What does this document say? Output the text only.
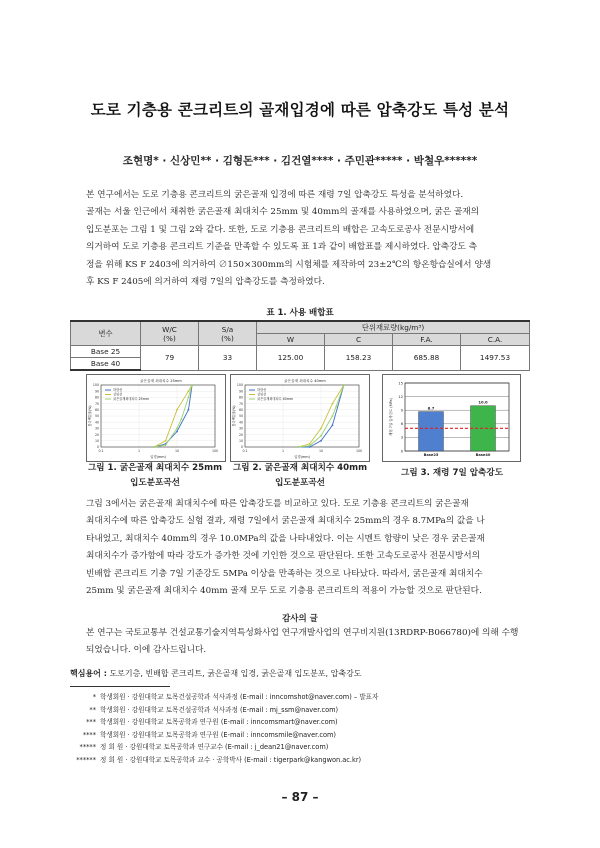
도로 기층용 콘크리트의 골재입경에 따른 압축강도 특성 분석
조현명* · 신상민** · 김형돈*** · 김건열**** · 주민관***** · 박철우******

본 연구에서는 도로 기층용 콘크리트의 굵은골재 입경에 따른 재령 7일 압축강도 특성을 분석하였다.
골재는 서울 인근에서 채취한 굵은골재 최대치수 25mm 및 40mm의 골재를 사용하였으며, 굵은 골재의
입도분포는 그림 1 및 그림 2와 같다. 또한, 도로 기층용 콘크리트의 배합은 고속도로공사 전문시방서에
의거하여 도로 기층용 콘크리트 기준을 만족할 수 있도록 표 1과 같이 배합표를 제시하였다. 압축강도 측
정을 위해 KS F 2403에 의거하여 ∅150×300mm의 시험체를 제작하여 23±2℃의 항온항습실에서 양생
후 KS F 2405에 의거하여 재령 7일의 압축강도를 측정하였다.

표 1. 사용 배합표
변수	W/C
(%)	S/a
(%)	단위재료량(kg/m³)			
			W	C	F.A.	C.A.
Base 25	79	33	125.00	158.23	685.88	1497.53
Base 40						
굵은골재 최대치수 25mm
0
10
20
30
40
50
60
70
80
90
100
0.1	1	10	100
입경(mm)
통과백분율(%)
하한선
상한선
굵은골재최대치수 25mm
그림 1. 굵은골재 최대치수 25mm
입도분포곡선
굵은골재 최대치수 40mm
0
10
20
30
40
50
60
70
80
90
100
0.1	1	10	100
입경(mm)
통과백분율(%)
하한선
상한선
굵은골재최대치수 40mm
그림 2. 굵은골재 최대치수 40mm
입도분포곡선
0
3
6
9
12
15
재령 7일 압축강도 (MPa)	8.7
Base25
10.0
Base40
그림 3. 재령 7일 압축강도

그림 3에서는 굵은골재 최대치수에 따른 압축강도를 비교하고 있다. 도로 기층용 콘크리트의 굵은골재
최대치수에 따른 압축강도 실험 결과, 재령 7일에서 굵은골재 최대치수 25mm의 경우 8.7MPa의 값을 나
타내었고, 최대치수 40mm의 경우 10.0MPa의 값을 나타내었다. 이는 시멘트 함량이 낮은 경우 굵은골재
최대치수가 증가함에 따라 강도가 증가한 것에 기인한 것으로 판단된다. 또한 고속도로공사 전문시방서의
빈배합 콘크리트 기층 7일 기준강도 5MPa 이상을 만족하는 것으로 나타났다. 따라서, 굵은골재 최대치수
25mm 및 굵은골재 최대치수 40mm 골재 모두 도로 기층용 콘크리트의 적용이 가능할 것으로 판단된다.

감사의 글

본 연구는 국토교통부 건설교통기술지역특성화사업 연구개발사업의 연구비지원(13RDRP-B066780)에 의해 수행
되었습니다. 이에 감사드립니다.

핵심용어 : 도로기층, 빈배합 콘크리트, 굵은골재 입경, 굵은골재 입도분포, 압축강도
* 학생회원 · 강원대학교 토목건설공학과 석사과정 (E-mail : inncomshot@naver.com) – 발표자
** 학생회원 · 강원대학교 토목건설공학과 석사과정 (E-mail : mj_ssm@naver.com)
*** 학생회원 · 강원대학교 토목공학과 연구원 (E-mail : inncomsmart@naver.com)
**** 학생회원 · 강원대학교 토목공학과 연구원 (E-mail : inncomsmile@naver.com)
***** 정 회 원 · 강원대학교 토목공학과 연구교수 (E-mail : j_dean21@naver.com)
****** 정 회 원 · 강원대학교 토목공학과 교수 · 공학박사 (E-mail : tigerpark@kangwon.ac.kr)
– 87 –
